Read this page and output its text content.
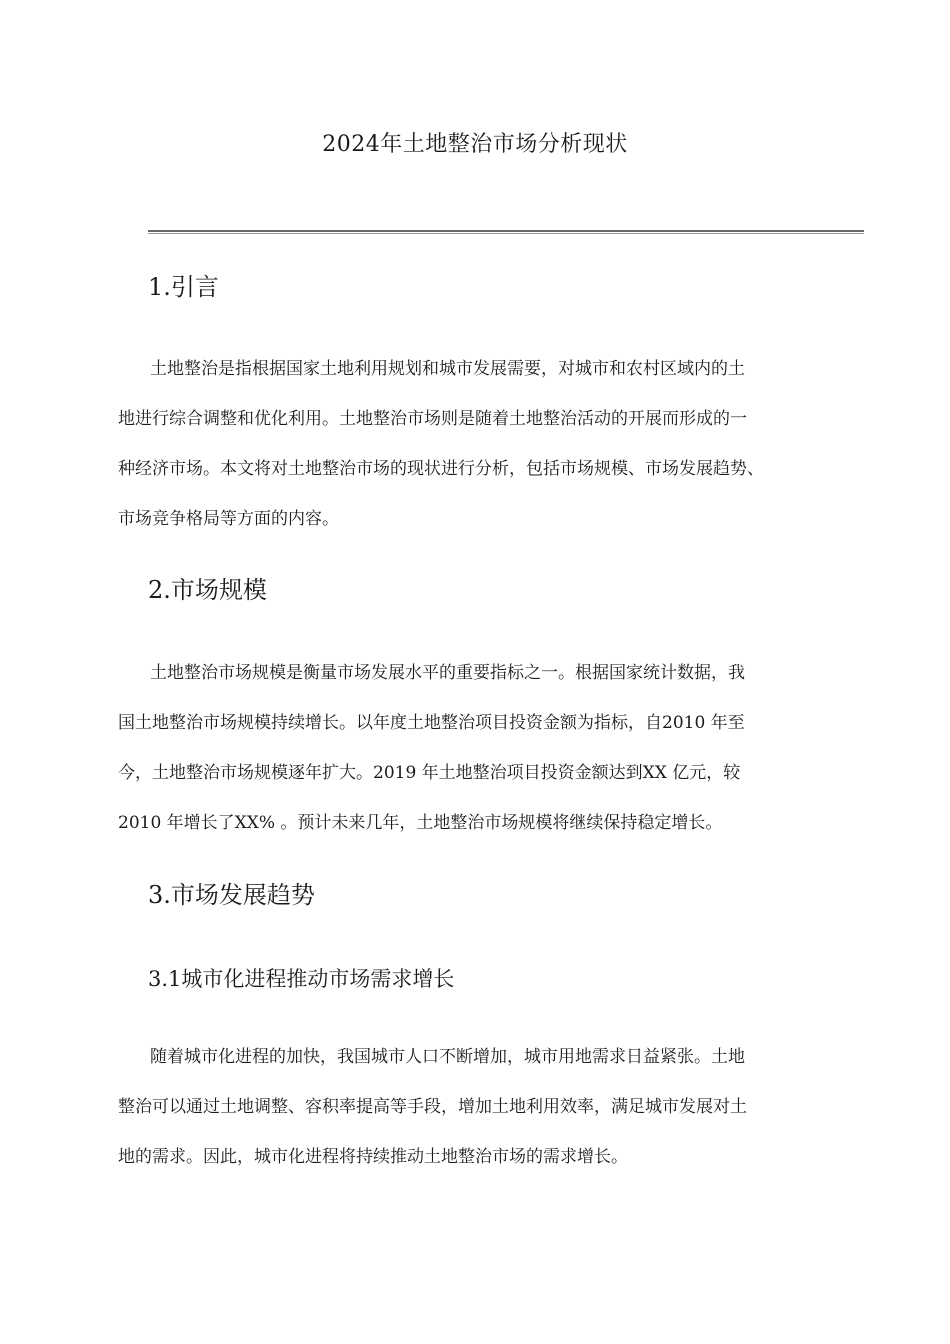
2024年土地整治市场分析现状
1.引言
土地整治是指根据国家土地利用规划和城市发展需要，对城市和农村区域内的土
地进行综合调整和优化利用。土地整治市场则是随着土地整治活动的开展而形成的一
种经济市场。本文将对土地整治市场的现状进行分析，包括市场规模、市场发展趋势、
市场竞争格局等方面的内容。
2.市场规模
土地整治市场规模是衡量市场发展水平的重要指标之一。根据国家统计数据，我
国土地整治市场规模持续增长。以年度土地整治项目投资金额为指标，自2010 年至
今，土地整治市场规模逐年扩大。2019 年土地整治项目投资金额达到XX 亿元，较
2010 年增长了XX% 。预计未来几年，土地整治市场规模将继续保持稳定增长。
3.市场发展趋势
3.1城市化进程推动市场需求增长
随着城市化进程的加快，我国城市人口不断增加，城市用地需求日益紧张。土地
整治可以通过土地调整、容积率提高等手段，增加土地利用效率，满足城市发展对土
地的需求。因此，城市化进程将持续推动土地整治市场的需求增长。
